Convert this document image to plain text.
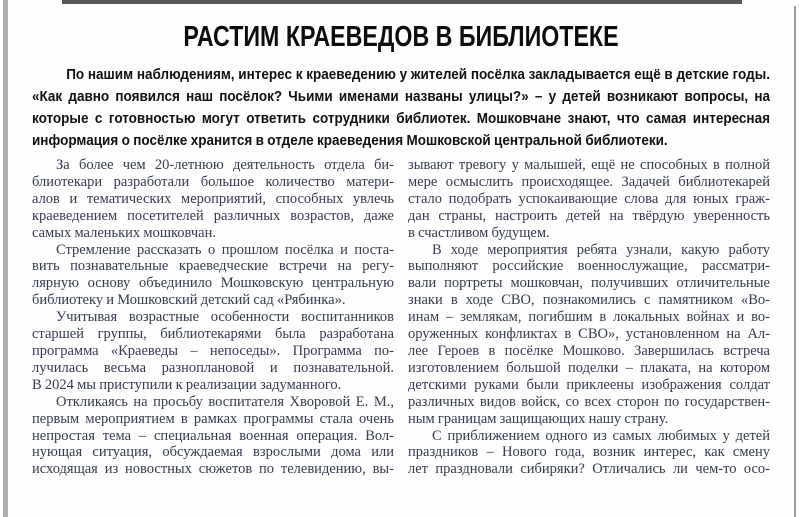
РАСТИМ КРАЕВЕДОВ В БИБЛИОТЕКЕ
По нашим наблюдениям, интерес к краеведению у жителей посёлка закладывается ещё в детские годы.
«Как давно появился наш посёлок? Чьими именами названы улицы?» – у детей возникают вопросы, на
которые с готовностью могут ответить сотрудники библиотек. Мошковчане знают, что самая интересная
информация о посёлке хранится в отделе краеведения Мошковской центральной библиотеки.
За более чем 20-летнюю деятельность отдела би-
блиотекари разработали большое количество матери-
алов и тематических мероприятий, способных увлечь
краеведением посетителей различных возрастов, даже
самых маленьких мошковчан.
Стремление рассказать о прошлом посёлка и поста-
вить познавательные краеведческие встречи на регу-
лярную основу объединило Мошковскую центральную
библиотеку и Мошковский детский сад «Рябинка».
Учитывая возрастные особенности воспитанников
старшей группы, библиотекарями была разработана
программа «Краеведы – непоседы». Программа по-
лучилась весьма разноплановой и познавательной.
В 2024 мы приступили к реализации задуманного.
Откликаясь на просьбу воспитателя Хворовой Е. М.,
первым мероприятием в рамках программы стала очень
непростая тема – специальная военная операция. Вол-
нующая ситуация, обсуждаемая взрослыми дома или
исходящая из новостных сюжетов по телевидению, вы-
зывают тревогу у малышей, ещё не способных в полной
мере осмыслить происходящее. Задачей библиотекарей
стало подобрать успокаивающие слова для юных граж-
дан страны, настроить детей на твёрдую уверенность
в счастливом будущем.
В ходе мероприятия ребята узнали, какую работу
выполняют российские военнослужащие, рассматри-
вали портреты мошковчан, получивших отличительные
знаки в ходе СВО, познакомились с памятником «Во-
инам – землякам, погибшим в локальных войнах и во-
оруженных конфликтах в СВО», установленном на Ал-
лее Героев в посёлке Мошково. Завершилась встреча
изготовлением большой поделки – плаката, на котором
детскими руками были приклеены изображения солдат
различных видов войск, со всех сторон по государствен-
ным границам защищающих нашу страну.
С приближением одного из самых любимых у детей
праздников – Нового года, возник интерес, как смену
лет праздновали сибиряки? Отличались ли чем-то осо-
